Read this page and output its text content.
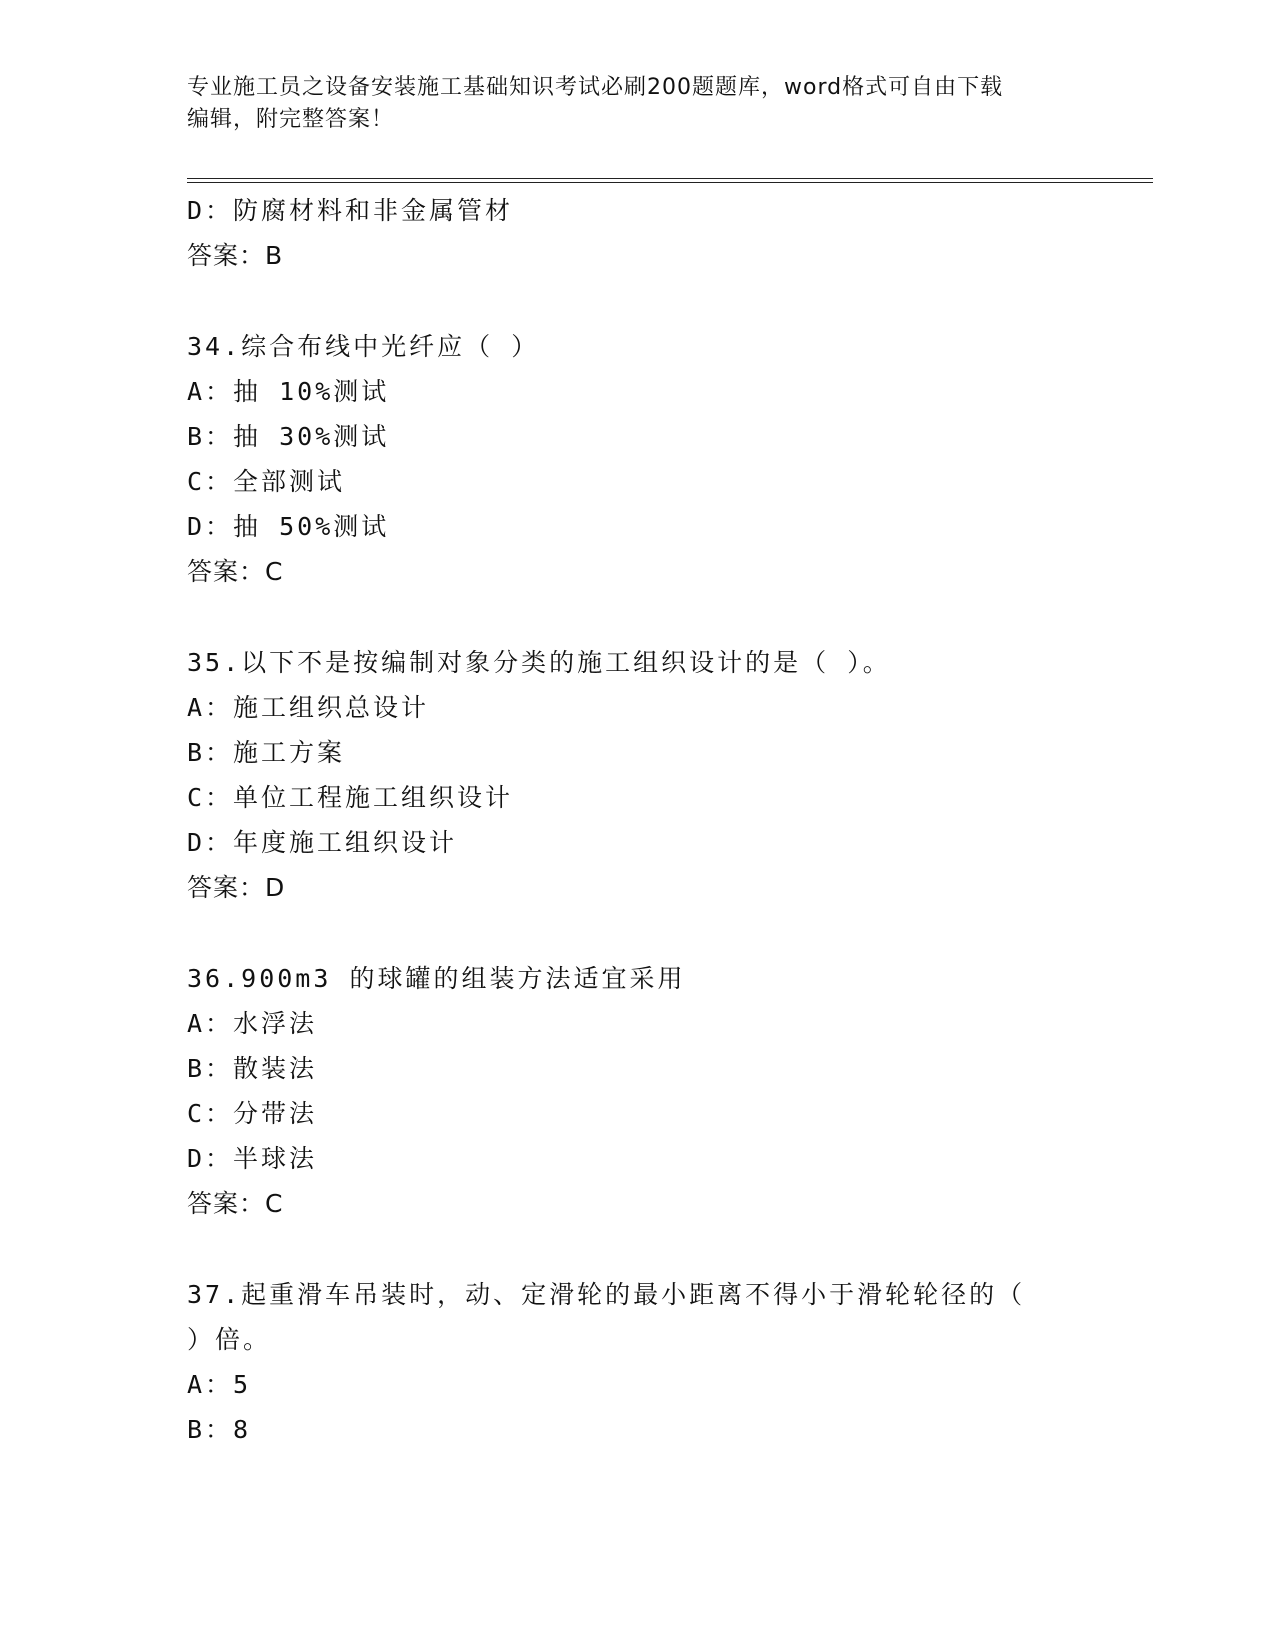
专业施工员之设备安装施工基础知识考试必刷200题题库，word格式可自由下载
编辑，附完整答案！
D：防腐材料和非金属管材
答案：B
34.综合布线中光纤应（ ）
A：抽 10%测试
B：抽 30%测试
C：全部测试
D：抽 50%测试
答案：C
35.以下不是按编制对象分类的施工组织设计的是（ ）。
A：施工组织总设计
B：施工方案
C：单位工程施工组织设计
D：年度施工组织设计
答案：D
36.900m3 的球罐的组装方法适宜采用
A：水浮法
B：散装法
C：分带法
D：半球法
答案：C
37.起重滑车吊装时，动、定滑轮的最小距离不得小于滑轮轮径的（
）倍。
A：5
B：8
